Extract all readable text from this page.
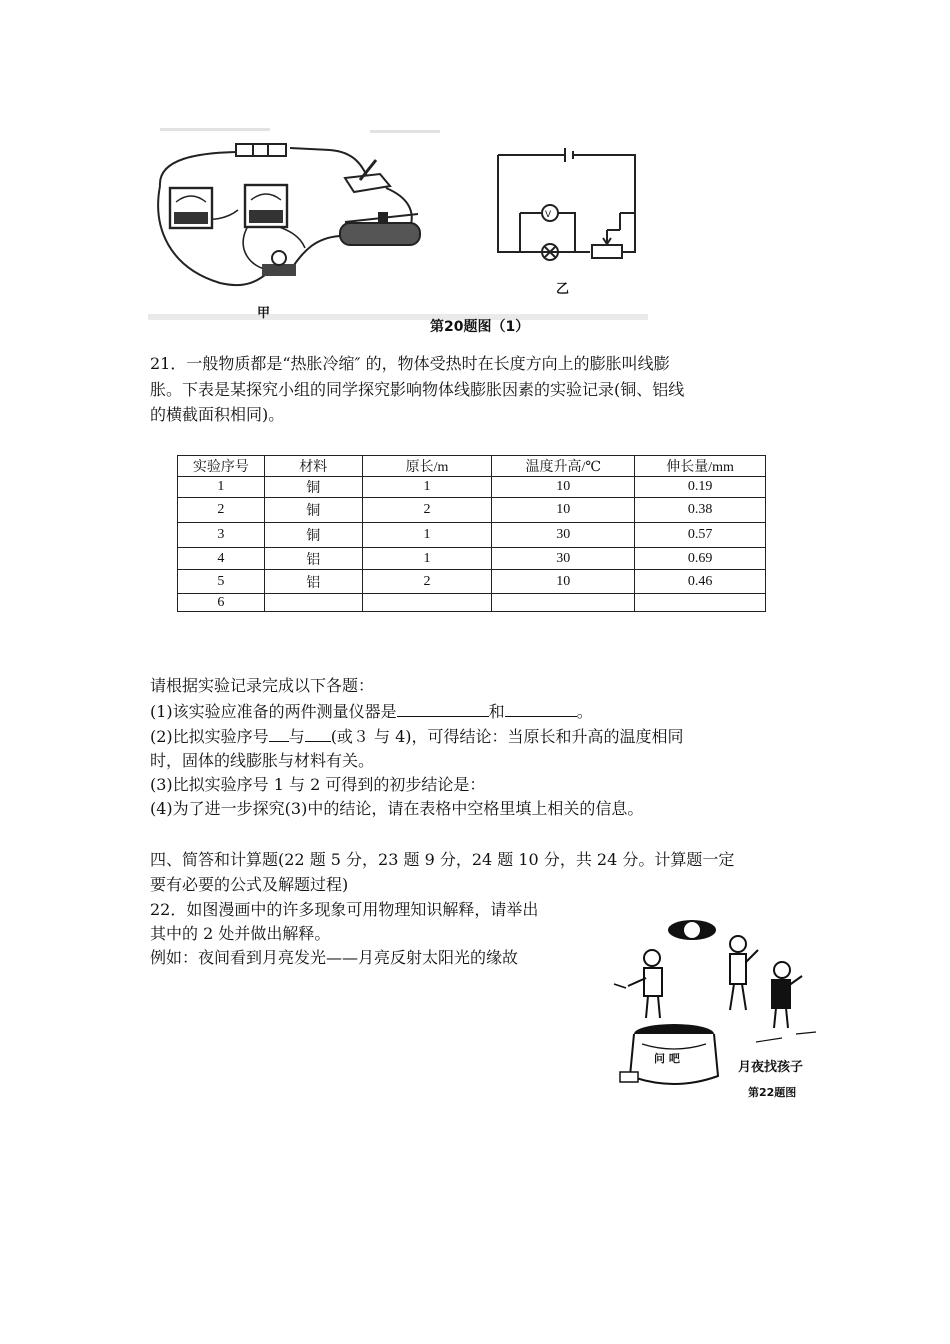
V
甲
乙
第20题图（1）
21．一般物质都是“热胀冷缩″ 的，物体受热时在长度方向上的膨胀叫线膨
胀。下表是某探究小组的同学探究影响物体线膨胀因素的实验记录(铜、铝线
的横截面积相同)。
实验序号	材料	原长/m	温度升高/℃	伸长量/mm
1	铜	1	10	0.19
2	铜	2	10	0.38
3	铜	1	30	0.57
4	铝	1	30	0.69
5	铝	2	10	0.46
6				
请根据实验记录完成以下各题：
(1)该实验应准备的两件测量仪器是	和	。
(2)比拟实验序号 与 (或３ 与 4)，可得结论：当原长和升高的温度相同
时，固体的线膨胀与材料有关。
(3)比拟实验序号 1 与 2 可得到的初步结论是：
(4)为了进一步探究(3)中的结论，请在表格中空格里填上相关的信息。
四、简答和计算题(22 题 5 分，23 题 9 分，24 题 10 分，共 24 分。计算题一定
要有必要的公式及解题过程)
22．如图漫画中的许多现象可用物理知识解释，请举出
其中的 2 处并做出解释。
例如：夜间看到月亮发光——月亮反射太阳光的缘故
问 吧
月夜找孩子
第22题图
